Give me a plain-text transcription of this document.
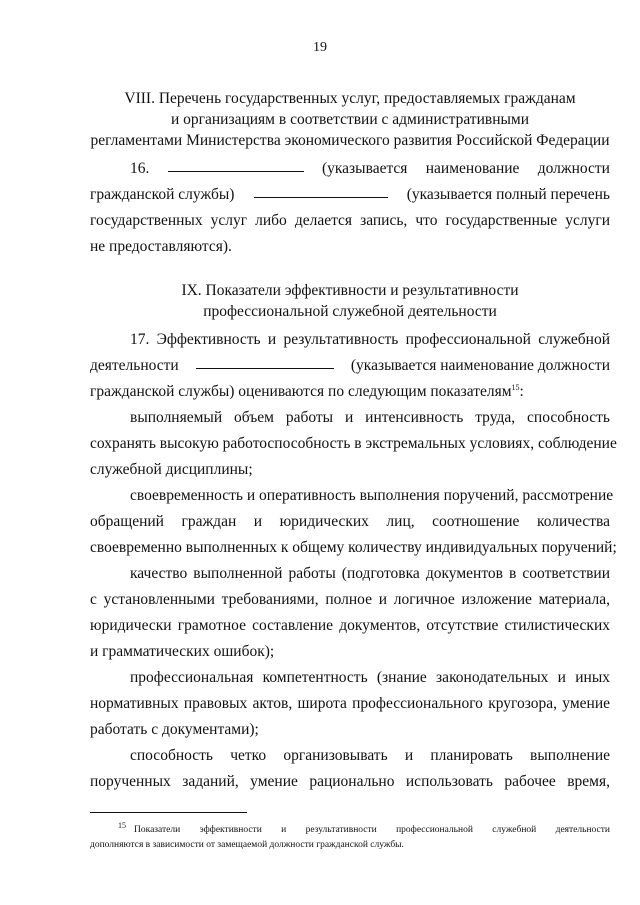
19
VIII. Перечень государственных услуг, предоставляемых гражданам
и организациям в соответствии с административными
регламентами Министерства экономического развития Российской Федерации
16.	(указывается наименование должности
гражданской службы)	(указывается полный перечень
государственных услуг либо делается запись, что государственные услуги
не предоставляются).
IX. Показатели эффективности и результативности
профессиональной служебной деятельности
17. Эффективность и результативность профессиональной служебной
деятельности	(указывается наименование должности
гражданской службы) оцениваются по следующим показателям$^{15}$:
выполняемый объем работы и интенсивность труда, способность
сохранять высокую работоспособность в экстремальных условиях, соблюдение
служебной дисциплины;
своевременность и оперативность выполнения поручений, рассмотрение
обращений граждан и юридических лиц, соотношение количества
своевременно выполненных к общему количеству индивидуальных поручений;
качество выполненной работы (подготовка документов в соответствии
с установленными требованиями, полное и логичное изложение материала,
юридически грамотное составление документов, отсутствие стилистических
и грамматических ошибок);
профессиональная компетентность (знание законодательных и иных
нормативных правовых актов, широта профессионального кругозора, умение
работать с документами);
способность четко организовывать и планировать выполнение
порученных заданий, умение рационально использовать рабочее время,
$^{15}$ Показатели эффективности и результативности профессиональной служебной деятельности
дополняются в зависимости от замещаемой должности гражданской службы.
